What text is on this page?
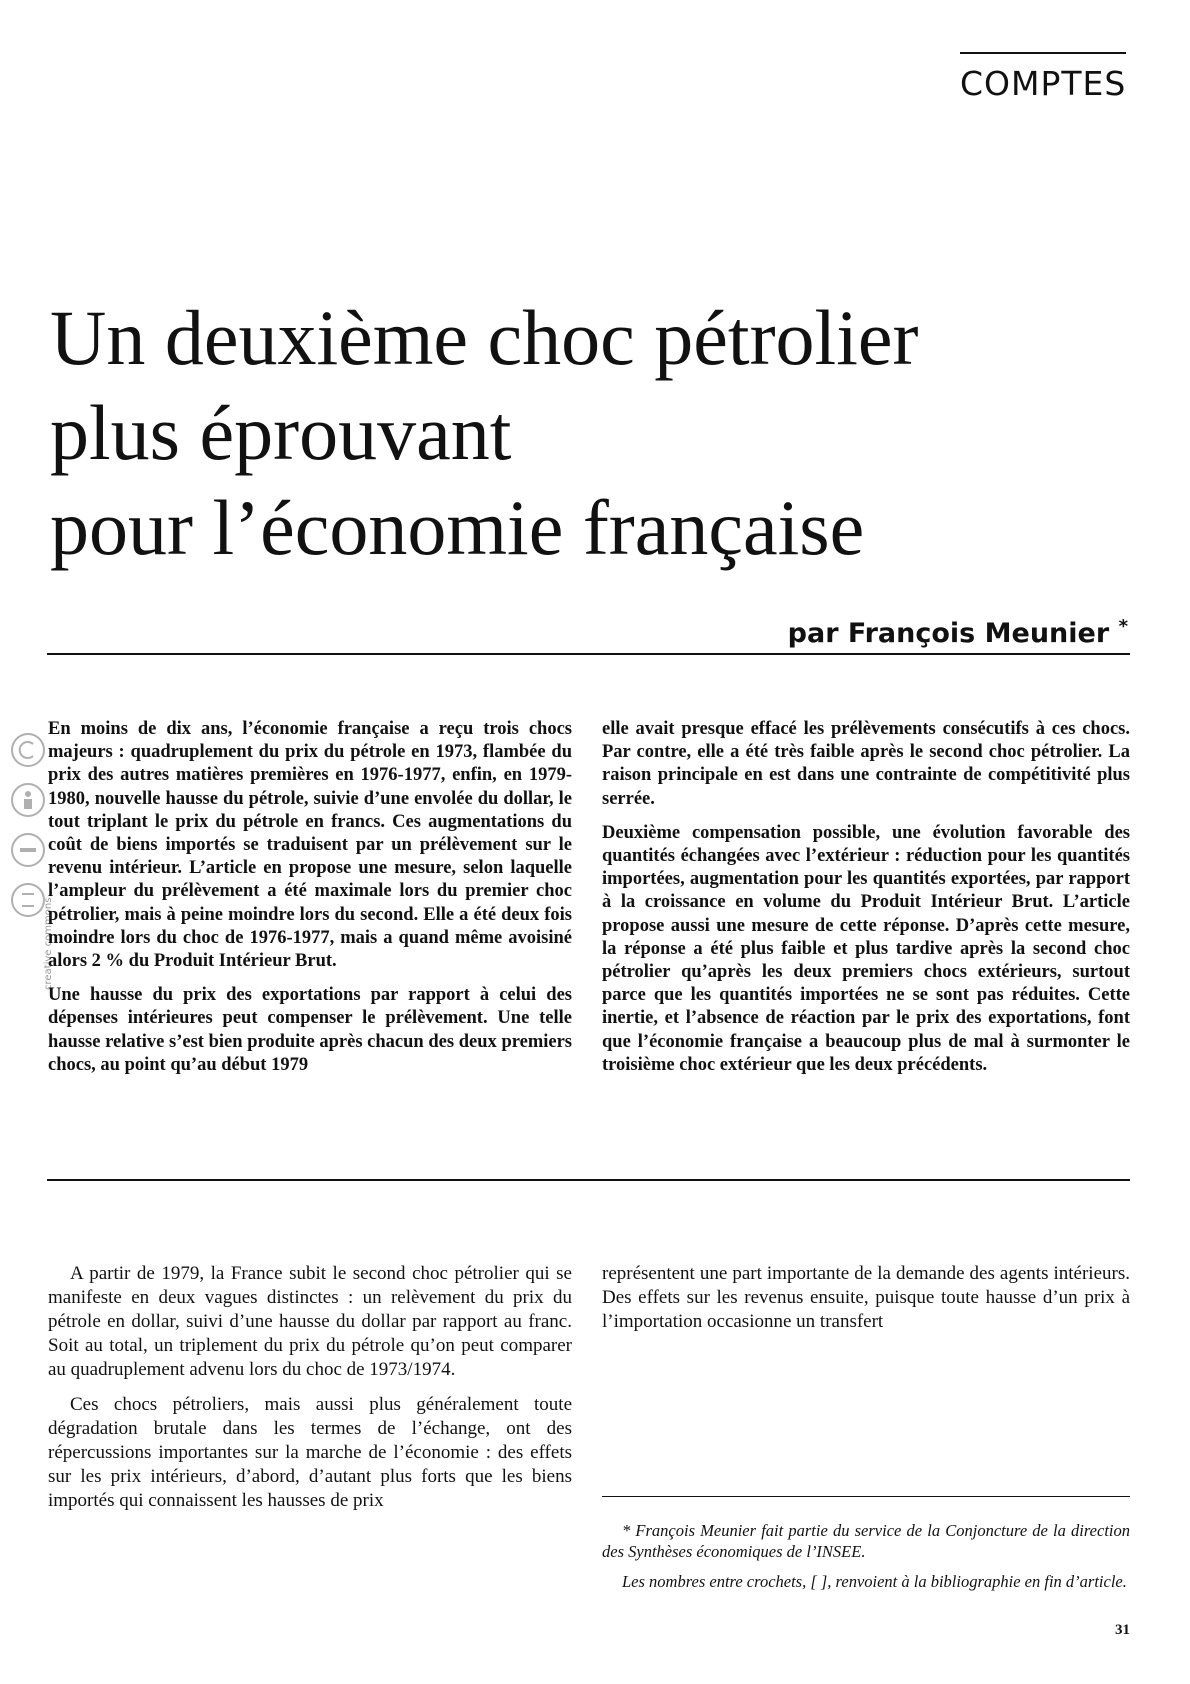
COMPTES
Un deuxième choc pétrolier
plus éprouvant
pour l’économie française
par François Meunier *
creative commons

En moins de dix ans, l’économie française a reçu trois chocs majeurs : quadruplement du prix du pétrole en 1973, flambée du prix des autres matières premières en 1976-1977, enfin, en 1979-1980, nouvelle hausse du pétrole, suivie d’une envolée du dollar, le tout triplant le prix du pétrole en francs. Ces augmentations du coût de biens importés se traduisent par un prélèvement sur le revenu intérieur. L’article en propose une mesure, selon laquelle l’ampleur du prélèvement a été maximale lors du premier choc pétrolier, mais à peine moindre lors du second. Elle a été deux fois moindre lors du choc de 1976-1977, mais a quand même avoisiné alors 2 % du Produit Intérieur Brut.

Une hausse du prix des exportations par rapport à celui des dépenses intérieures peut compenser le prélèvement. Une telle hausse relative s’est bien produite après chacun des deux premiers chocs, au point qu’au début 1979

elle avait presque effacé les prélèvements consécutifs à ces chocs. Par contre, elle a été très faible après le second choc pétrolier. La raison principale en est dans une contrainte de compétitivité plus serrée.

Deuxième compensation possible, une évolution favorable des quantités échangées avec l’extérieur : réduction pour les quantités importées, augmentation pour les quantités exportées, par rapport à la croissance en volume du Produit Intérieur Brut. L’article propose aussi une mesure de cette réponse. D’après cette mesure, la réponse a été plus faible et plus tardive après la second choc pétrolier qu’après les deux premiers chocs extérieurs, surtout parce que les quantités importées ne se sont pas réduites. Cette inertie, et l’absence de réaction par le prix des exportations, font que l’économie française a beaucoup plus de mal à surmonter le troisième choc extérieur que les deux précédents.

A partir de 1979, la France subit le second choc pétrolier qui se manifeste en deux vagues distinctes : un relèvement du prix du pétrole en dollar, suivi d’une hausse du dollar par rapport au franc. Soit au total, un triplement du prix du pétrole qu’on peut comparer au quadruplement advenu lors du choc de 1973/1974.

Ces chocs pétroliers, mais aussi plus généralement toute dégradation brutale dans les termes de l’échange, ont des répercussions importantes sur la marche de l’économie : des effets sur les prix intérieurs, d’abord, d’autant plus forts que les biens importés qui connaissent les hausses de prix

représentent une part importante de la demande des agents intérieurs. Des effets sur les revenus ensuite, puisque toute hausse d’un prix à l’importation occasionne un transfert

* François Meunier fait partie du service de la Conjoncture de la direction des Synthèses économiques de l’INSEE.

Les nombres entre crochets, [ ], renvoient à la bibliographie en fin d’article.

31
